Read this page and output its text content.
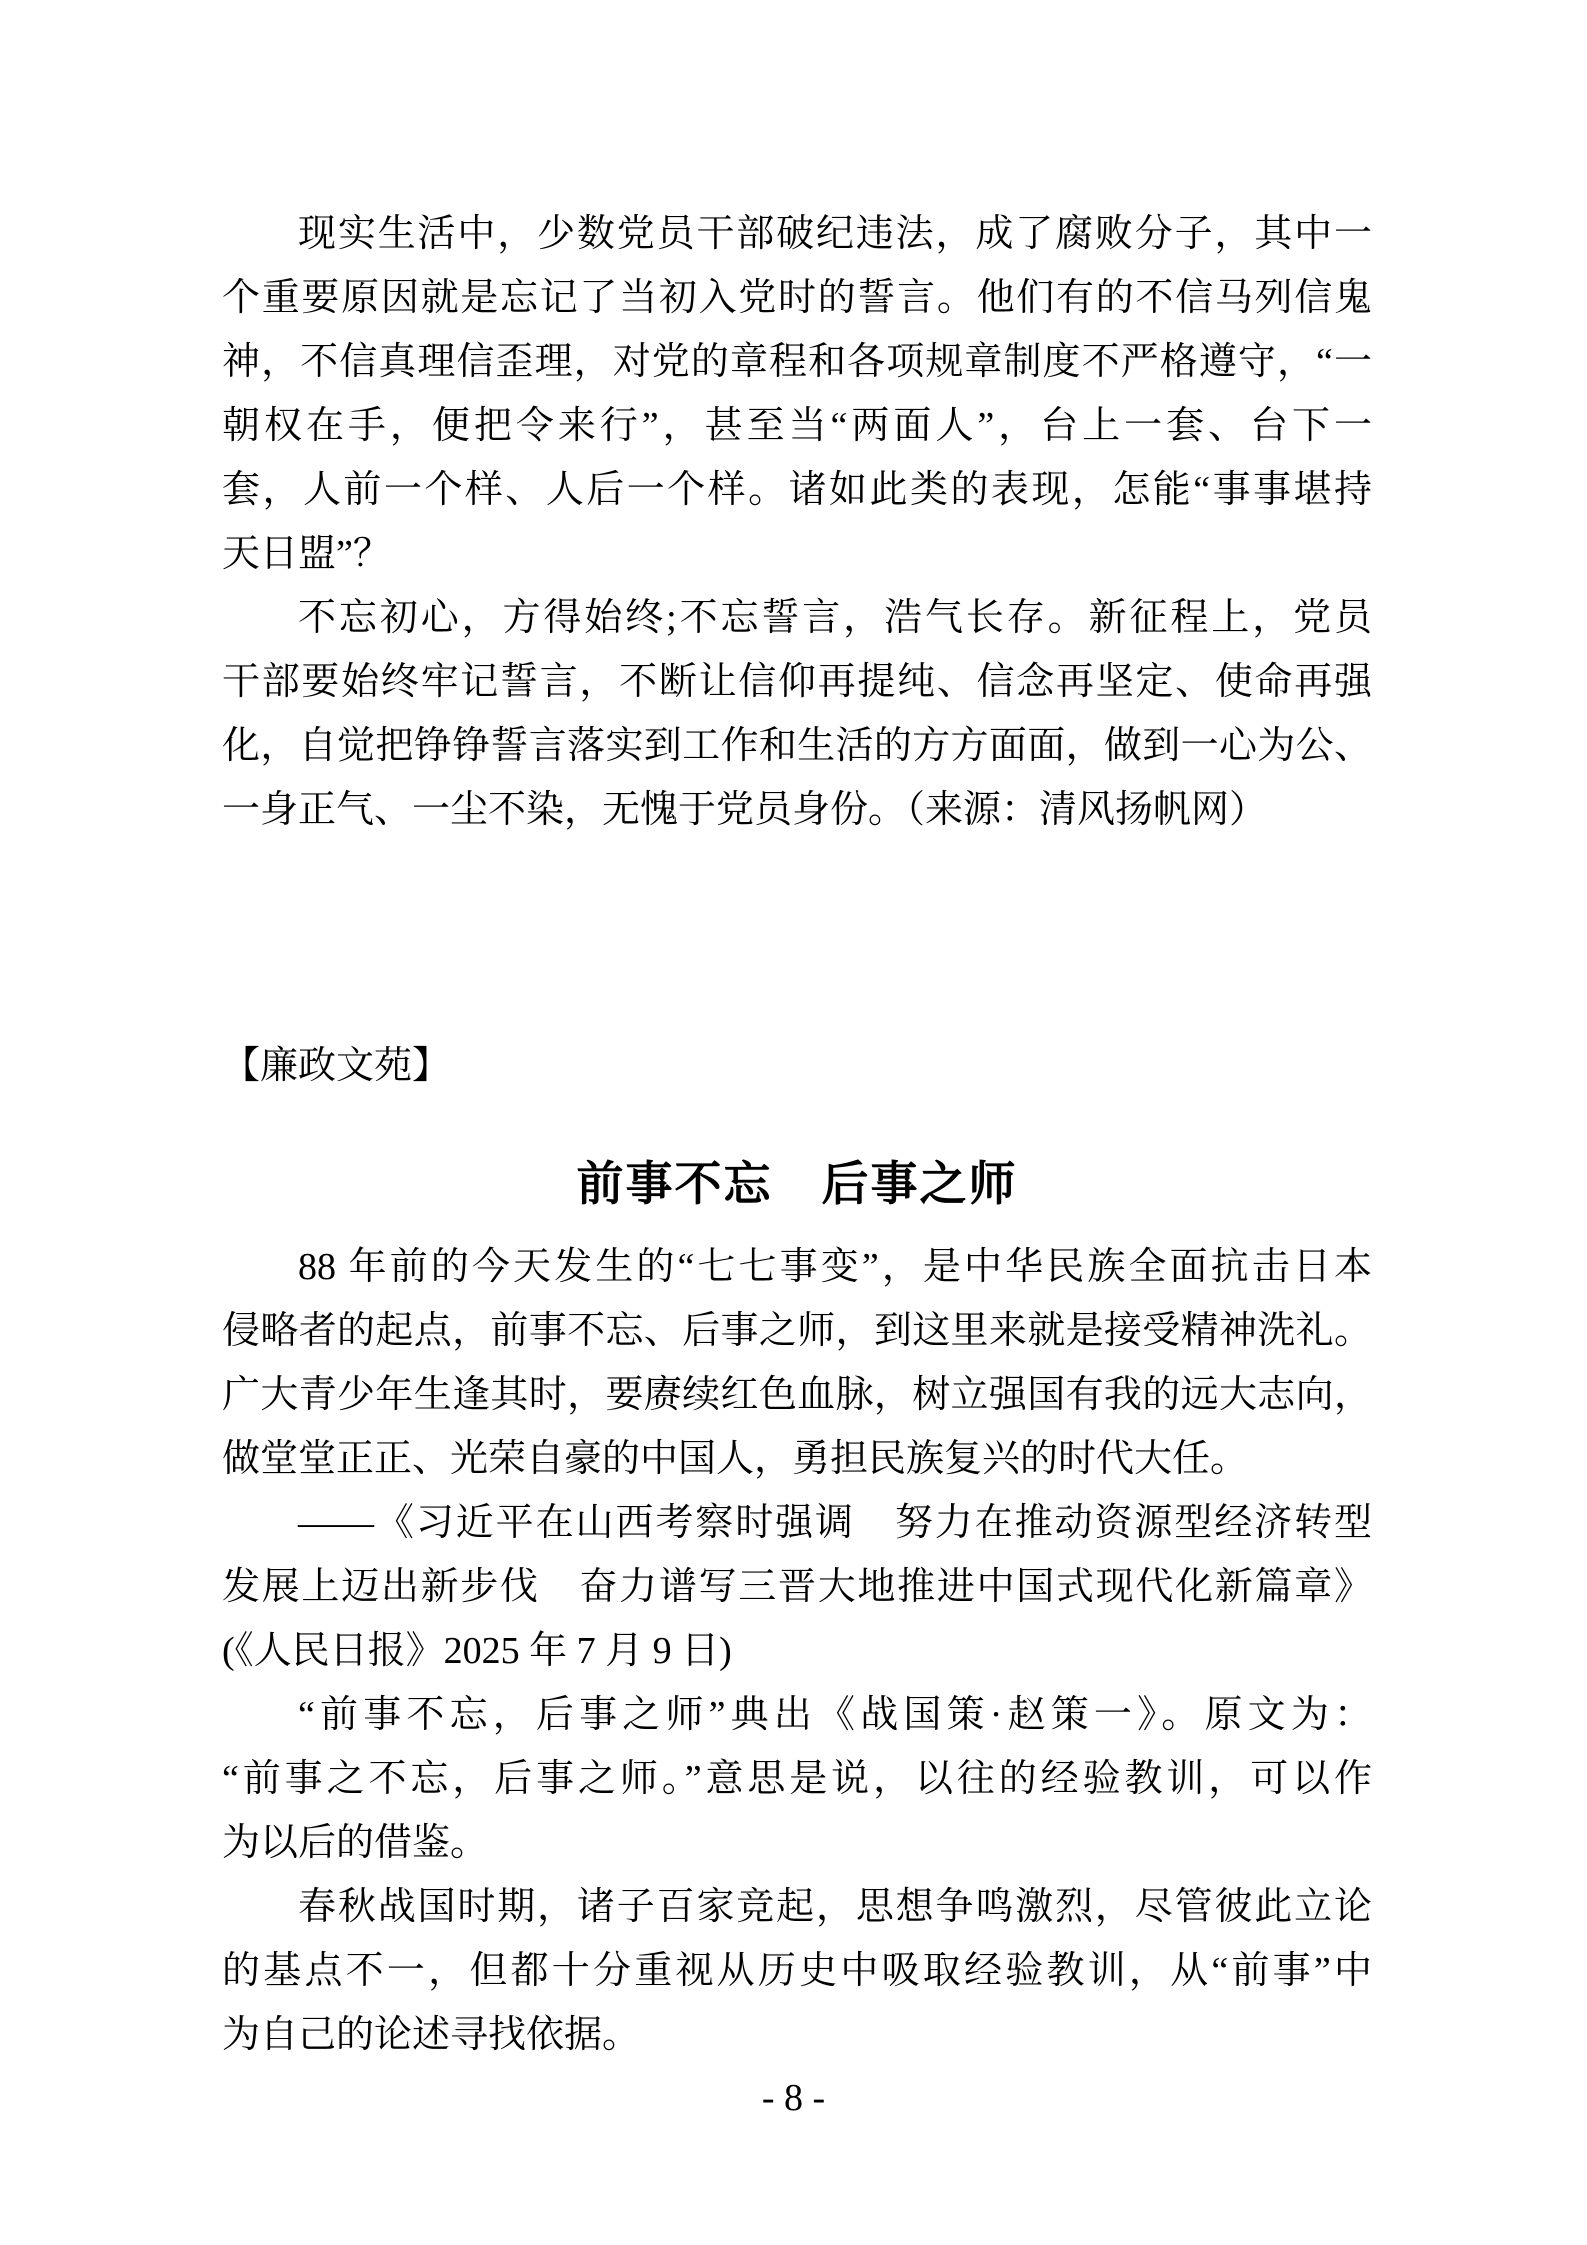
现实生活中，少数党员干部破纪违法，成了腐败分子，其中一
个重要原因就是忘记了当初入党时的誓言。他们有的不信马列信鬼
神，不信真理信歪理，对党的章程和各项规章制度不严格遵守，“一
朝权在手，便把令来行”，甚至当“两面人”，台上一套、台下一
套，人前一个样、人后一个样。诸如此类的表现，怎能“事事堪持
天日盟”？
不忘初心，方得始终;不忘誓言，浩气长存。新征程上，党员
干部要始终牢记誓言，不断让信仰再提纯、信念再坚定、使命再强
化，自觉把铮铮誓言落实到工作和生活的方方面面，做到一心为公、
一身正气、一尘不染，无愧于党员身份。（来源：清风扬帆网）
【廉政文苑】
前事不忘　后事之师
88 年前的今天发生的“七七事变”，是中华民族全面抗击日本
侵略者的起点，前事不忘、后事之师，到这里来就是接受精神洗礼。
广大青少年生逢其时，要赓续红色血脉，树立强国有我的远大志向，
做堂堂正正、光荣自豪的中国人，勇担民族复兴的时代大任。
——《习近平在山西考察时强调　努力在推动资源型经济转型
发展上迈出新步伐　奋力谱写三晋大地推进中国式现代化新篇章》
(《人民日报》2025 年 7 月 9 日)
“前事不忘，后事之师”典出《战国策·赵策一》。原文为：
“前事之不忘，后事之师。”意思是说，以往的经验教训，可以作
为以后的借鉴。
春秋战国时期，诸子百家竞起，思想争鸣激烈，尽管彼此立论
的基点不一，但都十分重视从历史中吸取经验教训，从“前事”中
为自己的论述寻找依据。
- 8 -
